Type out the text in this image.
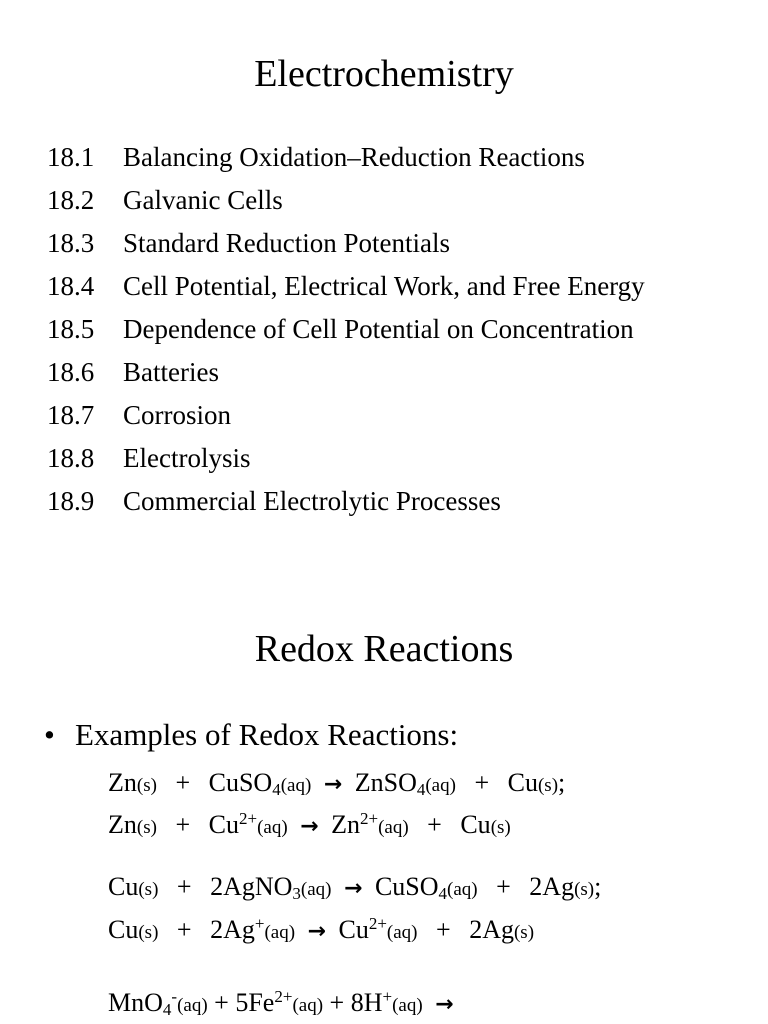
Electrochemistry
18.1	Balancing Oxidation–Reduction Reactions
18.2	Galvanic Cells
18.3	Standard Reduction Potentials
18.4	Cell Potential, Electrical Work, and Free Energy
18.5	Dependence of Cell Potential on Concentration
18.6	Batteries
18.7	Corrosion
18.8	Electrolysis
18.9	Commercial Electrolytic Processes
Redox Reactions
• Examples of Redox Reactions:
Zn(s) + CuSO$_4$(aq) → ZnSO$_4$(aq) + Cu(s);
$Zn(s) + Cu^{2+}(aq) \to Zn^{2+}(aq) + Cu(s)$
Cu(s) + 2AgNO$_3$(aq) → CuSO$_4$(aq) + 2Ag(s);
$Cu(s) + 2Ag^+(aq) \to Cu^{2+}(aq) + 2Ag(s)$
$MnO_4^-(aq) + 5Fe^{2+}(aq) + 8H^+(aq)$ →
